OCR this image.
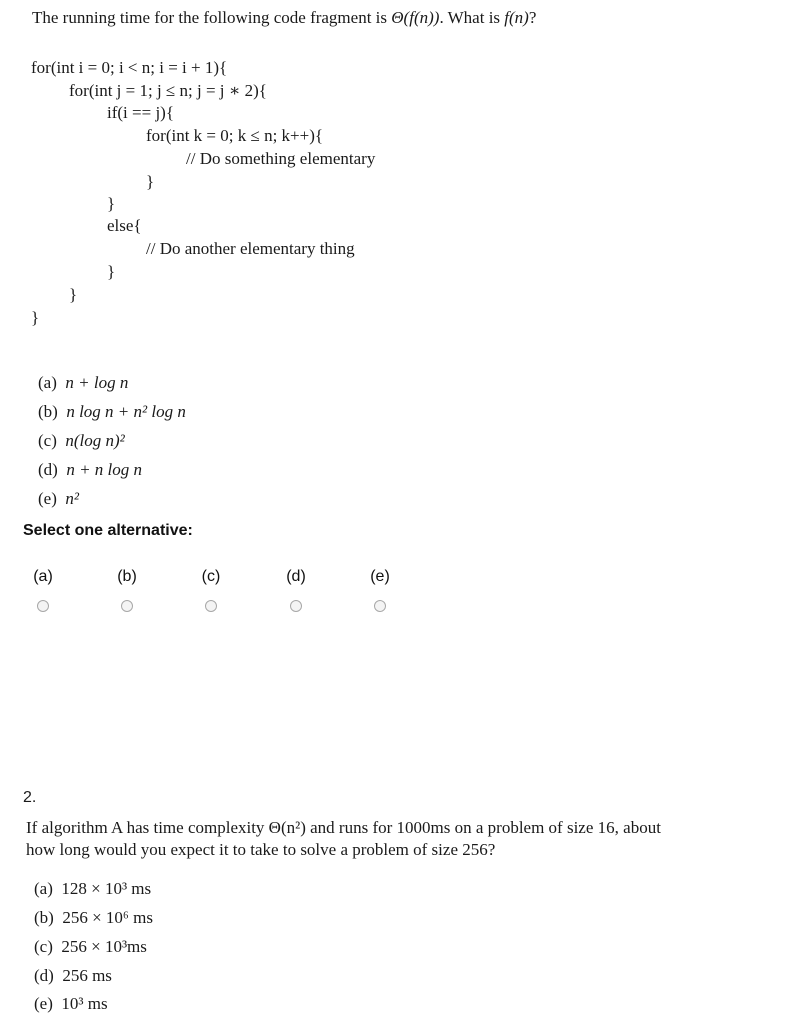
The running time for the following code fragment is Θ(f(n)). What is f(n)?
for(int i = 0; i < n; i = i + 1){
for(int j = 1; j ≤ n; j = j ∗ 2){
if(i == j){
for(int k = 0; k ≤ n; k++){
// Do something elementary
}
}
else{
// Do another elementary thing
}
}
}
(a) n + log n
(b) n log n + n² log n
(c) n(log n)²
(d) n + n log n
(e) n²
Select one alternative:
(a)	(b)	(c)	(d)	(e)
2.
If algorithm A has time complexity Θ(n²) and runs for 1000ms on a problem of size 16, about
how long would you expect it to take to solve a problem of size 256?
(a) 128 × 10³ ms
(b) 256 × 10⁶ ms
(c) 256 × 10³ms
(d) 256 ms
(e) 10³ ms
